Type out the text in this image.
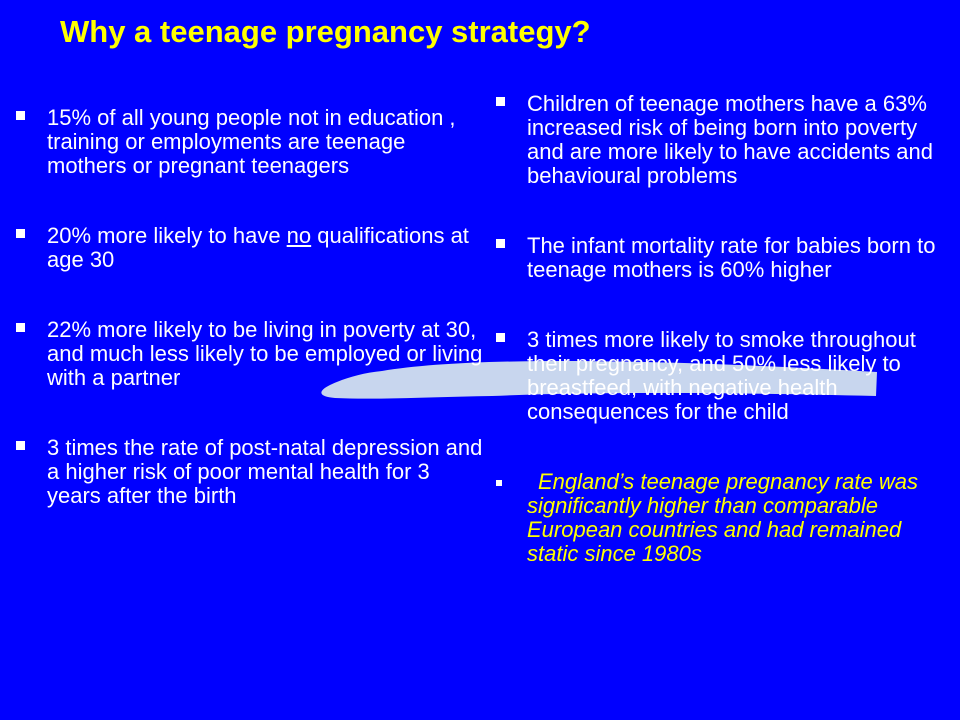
Why a teenage pregnancy strategy?
15% of all young people not in education , training or employments are teenage mothers or pregnant teenagers
20% more likely to have no qualifications at age 30
22% more likely to be living in poverty at 30, and much less likely to be employed or living with a partner
3 times the rate of post-natal depression and a higher risk of poor mental health for 3 years after the birth
Children of teenage mothers have a 63% increased risk of being born into poverty and are more likely to have accidents and behavioural problems
The infant mortality rate for babies born to teenage mothers is 60% higher
3 times more likely to smoke throughout their pregnancy, and 50% less likely to breastfeed, with negative health consequences for the child
England’s teenage pregnancy rate was significantly higher than comparable European countries and had remained static since 1980s
